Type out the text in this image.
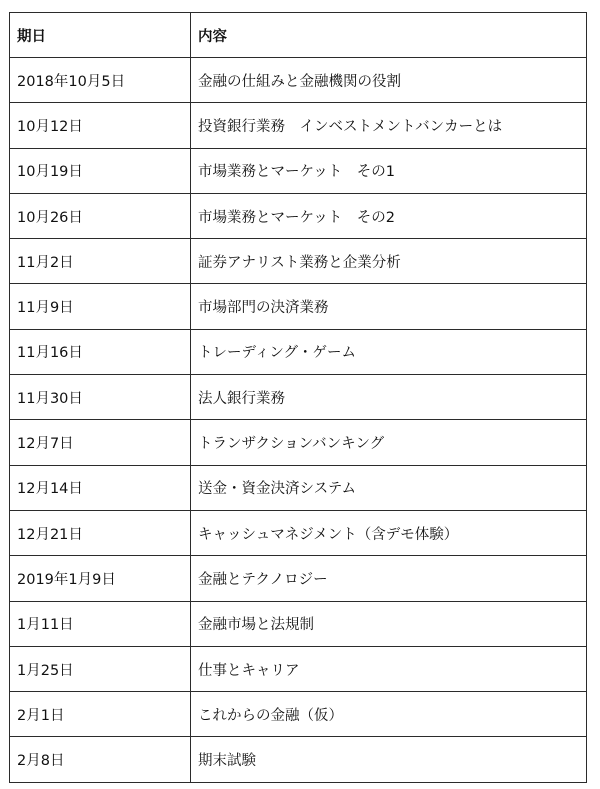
期日	内容
2018年10月5日	金融の仕組みと金融機関の役割
10月12日	投資銀行業務　インベストメントバンカーとは
10月19日	市場業務とマーケット　その1
10月26日	市場業務とマーケット　その2
11月2日	証券アナリスト業務と企業分析
11月9日	市場部門の決済業務
11月16日	トレーディング・ゲーム
11月30日	法人銀行業務
12月7日	トランザクションバンキング
12月14日	送金・資金決済システム
12月21日	キャッシュマネジメント（含デモ体験）
2019年1月9日	金融とテクノロジー
1月11日	金融市場と法規制
1月25日	仕事とキャリア
2月1日	これからの金融（仮）
2月8日	期末試験
